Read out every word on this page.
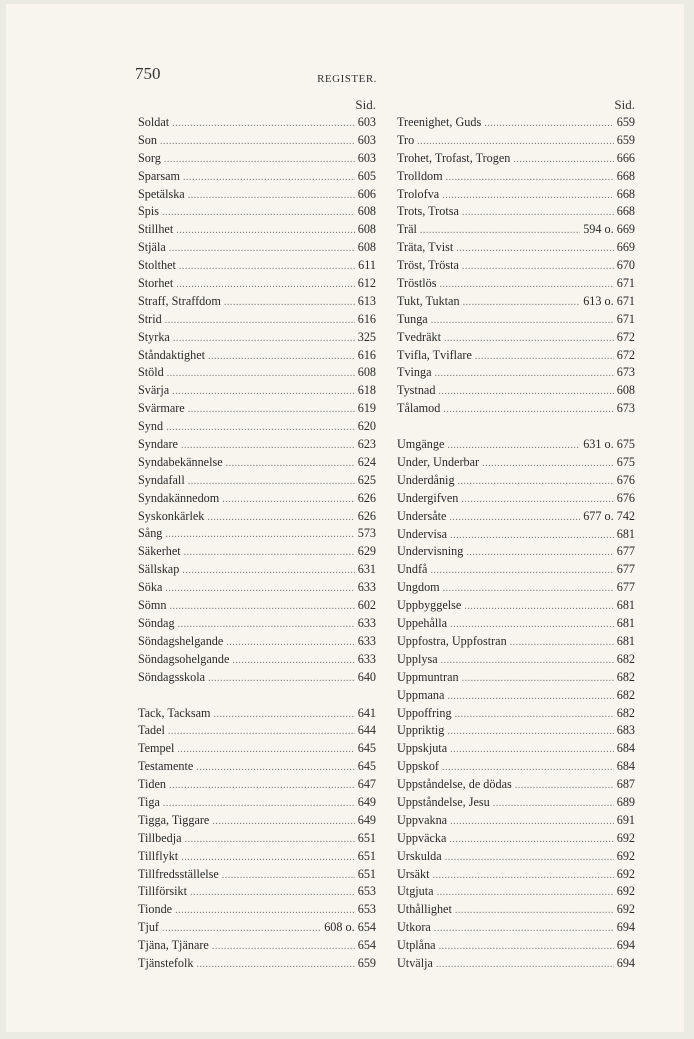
750	REGISTER.
Sid.
Soldat .....	603
Son .....	603
Sorg .....	603
Sparsam .....	605
Spetälska .....	606
Spis .....	608
Stillhet .....	608
Stjäla .....	608
Stolthet .....	611
Storhet .....	612
Straff, Straffdom .....	613
Strid .....	616
Styrka .....	325
Ståndaktighet .....	616
Stöld .....	608
Svärja .....	618
Svärmare .....	619
Synd .....	620
Syndare .....	623
Syndabekännelse .....	624
Syndafall .....	625
Syndakännedom .....	626
Syskonkärlek .....	626
Sång .....	573
Säkerhet .....	629
Sällskap .....	631
Söka .....	633
Sömn .....	602
Söndag .....	633
Söndagshelgande .....	633
Söndagsohelgande .....	633
Söndagsskola .....	640
Tack, Tacksam .....	641
Tadel .....	644
Tempel .....	645
Testamente .....	645
Tiden .....	647
Tiga .....	649
Tigga, Tiggare .....	649
Tillbedja .....	651
Tillflykt .....	651
Tillfredsställelse .....	651
Tillförsikt .....	653
Tionde .....	653
Tjuf .....	608 o. 654
Tjäna, Tjänare .....	654
Tjänstefolk .....	659
Sid.
Treenighet, Guds .....	659
Tro .....	659
Trohet, Trofast, Trogen .....	666
Trolldom .....	668
Trolofva .....	668
Trots, Trotsa .....	668
Träl .....	594 o. 669
Träta, Tvist .....	669
Tröst, Trösta .....	670
Tröstlös .....	671
Tukt, Tuktan .....	613 o. 671
Tunga .....	671
Tvedräkt .....	672
Tvifla, Tviflare .....	672
Tvinga .....	673
Tystnad .....	608
Tålamod .....	673
Umgänge .....	631 o. 675
Under, Underbar .....	675
Underdånig .....	676
Undergifven .....	676
Undersåte .....	677 o. 742
Undervisa .....	681
Undervisning .....	677
Undfå .....	677
Ungdom .....	677
Uppbyggelse .....	681
Uppehålla .....	681
Uppfostra, Uppfostran .....	681
Upplysa .....	682
Uppmuntran .....	682
Uppmana .....	682
Uppoffring .....	682
Uppriktig .....	683
Uppskjuta .....	684
Uppskof .....	684
Uppståndelse, de dödas .....	687
Uppståndelse, Jesu .....	689
Uppvakna .....	691
Uppväcka .....	692
Urskulda .....	692
Ursäkt .....	692
Utgjuta .....	692
Uthållighet .....	692
Utkora .....	694
Utplåna .....	694
Utvälja .....	694
